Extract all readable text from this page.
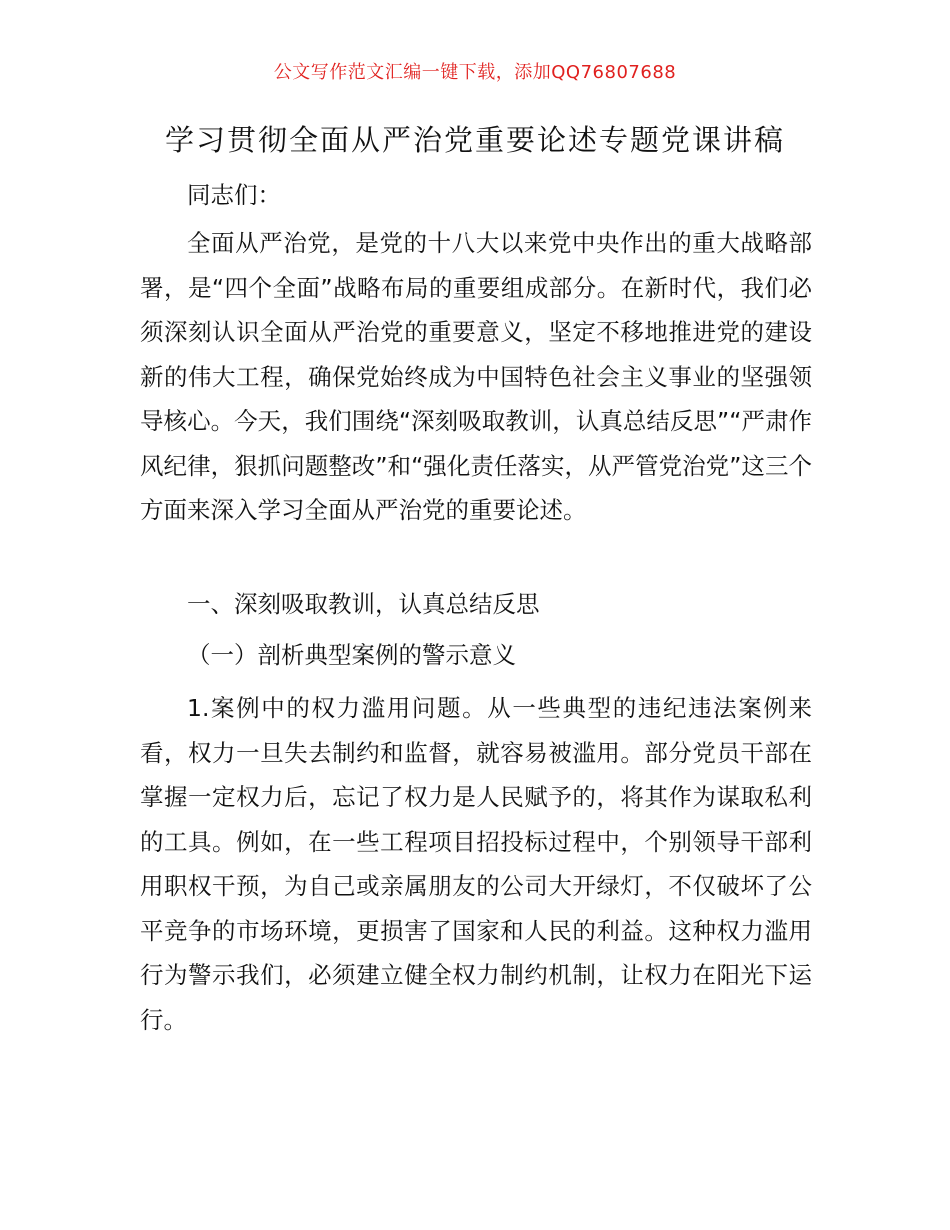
公文写作范文汇编一键下载，添加QQ76807688
学习贯彻全面从严治党重要论述专题党课讲稿

同志们：

全面从严治党，是党的十八大以来党中央作出的重大战略部署，是“四个全面”战略布局的重要组成部分。在新时代，我们必须深刻认识全面从严治党的重要意义，坚定不移地推进党的建设新的伟大工程，确保党始终成为中国特色社会主义事业的坚强领导核心。今天，我们围绕“深刻吸取教训，认真总结反思”“严肃作风纪律，狠抓问题整改”和“强化责任落实，从严管党治党”这三个方面来深入学习全面从严治党的重要论述。

一、深刻吸取教训，认真总结反思

（一）剖析典型案例的警示意义

1.案例中的权力滥用问题。从一些典型的违纪违法案例来看，权力一旦失去制约和监督，就容易被滥用。部分党员干部在掌握一定权力后，忘记了权力是人民赋予的，将其作为谋取私利的工具。例如，在一些工程项目招投标过程中，个别领导干部利用职权干预，为自己或亲属朋友的公司大开绿灯，不仅破坏了公平竞争的市场环境，更损害了国家和人民的利益。这种权力滥用行为警示我们，必须建立健全权力制约机制，让权力在阳光下运行。
